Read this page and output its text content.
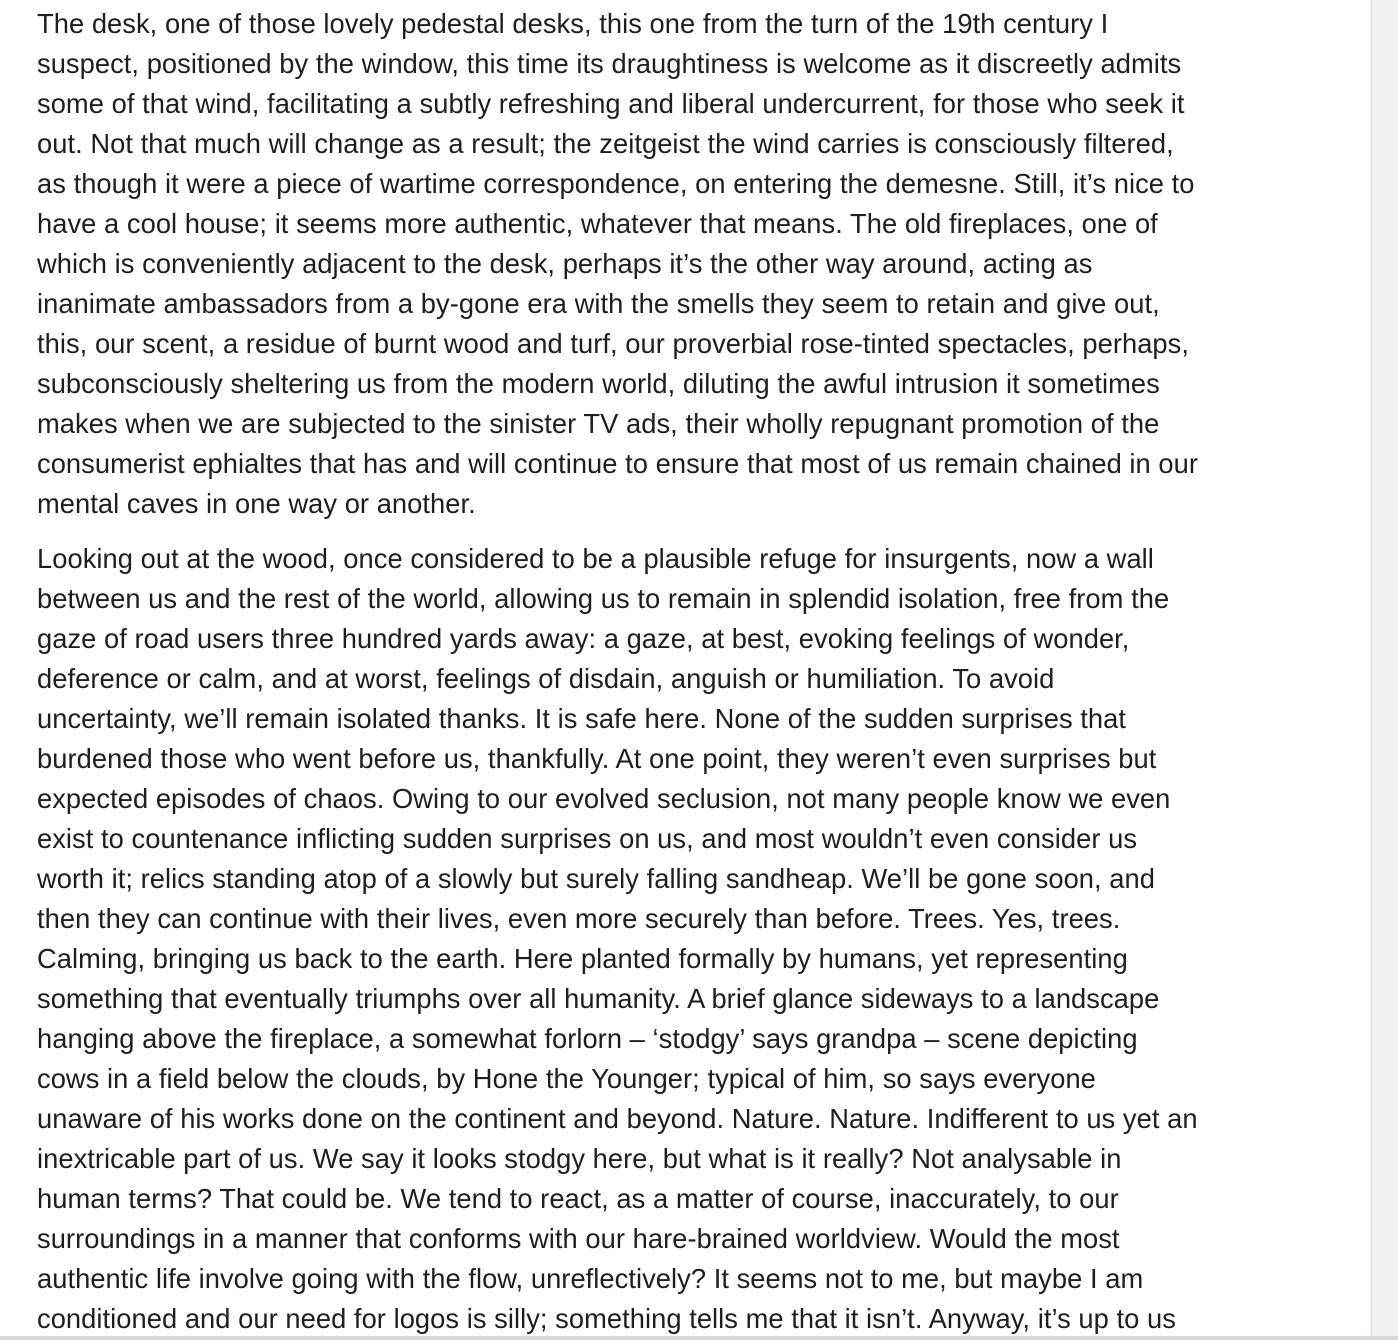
The desk, one of those lovely pedestal desks, this one from the turn of the 19th century I
suspect, positioned by the window, this time its draughtiness is welcome as it discreetly admits
some of that wind, facilitating a subtly refreshing and liberal undercurrent, for those who seek it
out. Not that much will change as a result; the zeitgeist the wind carries is consciously filtered,
as though it were a piece of wartime correspondence, on entering the demesne. Still, it’s nice to
have a cool house; it seems more authentic, whatever that means. The old fireplaces, one of
which is conveniently adjacent to the desk, perhaps it’s the other way around, acting as
inanimate ambassadors from a by-gone era with the smells they seem to retain and give out,
this, our scent, a residue of burnt wood and turf, our proverbial rose-tinted spectacles, perhaps,
subconsciously sheltering us from the modern world, diluting the awful intrusion it sometimes
makes when we are subjected to the sinister TV ads, their wholly repugnant promotion of the
consumerist ephialtes that has and will continue to ensure that most of us remain chained in our
mental caves in one way or another.

Looking out at the wood, once considered to be a plausible refuge for insurgents, now a wall
between us and the rest of the world, allowing us to remain in splendid isolation, free from the
gaze of road users three hundred yards away: a gaze, at best, evoking feelings of wonder,
deference or calm, and at worst, feelings of disdain, anguish or humiliation. To avoid
uncertainty, we’ll remain isolated thanks. It is safe here. None of the sudden surprises that
burdened those who went before us, thankfully. At one point, they weren’t even surprises but
expected episodes of chaos. Owing to our evolved seclusion, not many people know we even
exist to countenance inflicting sudden surprises on us, and most wouldn’t even consider us
worth it; relics standing atop of a slowly but surely falling sandheap. We’ll be gone soon, and
then they can continue with their lives, even more securely than before. Trees. Yes, trees.
Calming, bringing us back to the earth. Here planted formally by humans, yet representing
something that eventually triumphs over all humanity. A brief glance sideways to a landscape
hanging above the fireplace, a somewhat forlorn – ‘stodgy’ says grandpa – scene depicting
cows in a field below the clouds, by Hone the Younger; typical of him, so says everyone
unaware of his works done on the continent and beyond. Nature. Nature. Indifferent to us yet an
inextricable part of us. We say it looks stodgy here, but what is it really? Not analysable in
human terms? That could be. We tend to react, as a matter of course, inaccurately, to our
surroundings in a manner that conforms with our hare-brained worldview. Would the most
authentic life involve going with the flow, unreflectively? It seems not to me, but maybe I am
conditioned and our need for logos is silly; something tells me that it isn’t. Anyway, it’s up to us
